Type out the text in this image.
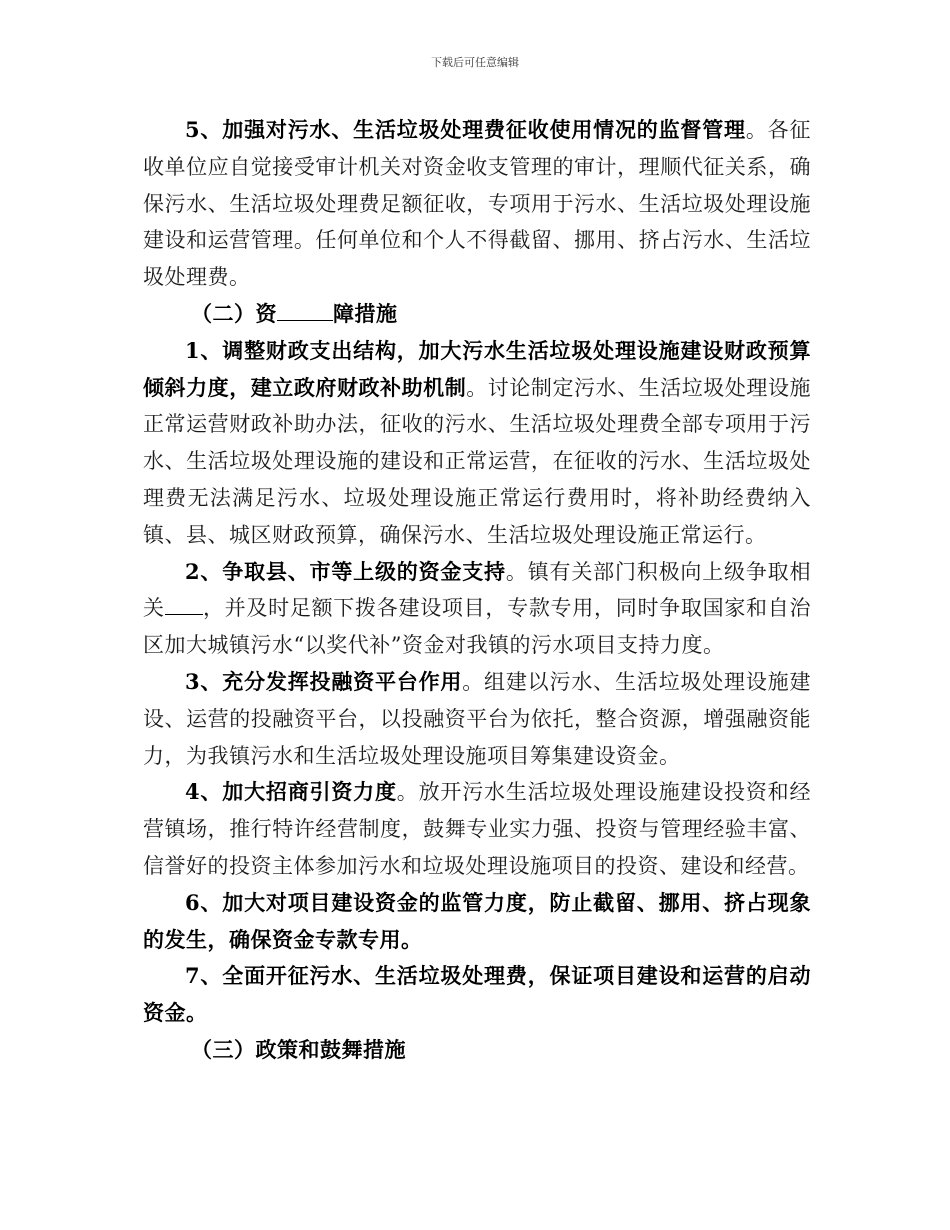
下载后可任意编辑

5、加强对污水、生活垃圾处理费征收使用情况的监督管理。各征收单位应自觉接受审计机关对资金收支管理的审计，理顺代征关系，确保污水、生活垃圾处理费足额征收，专项用于污水、生活垃圾处理设施建设和运营管理。任何单位和个人不得截留、挪用、挤占污水、生活垃圾处理费。

（二）资	障措施

1、调整财政支出结构，加大污水生活垃圾处理设施建设财政预算倾斜力度，建立政府财政补助机制。讨论制定污水、生活垃圾处理设施正常运营财政补助办法，征收的污水、生活垃圾处理费全部专项用于污水、生活垃圾处理设施的建设和正常运营，在征收的污水、生活垃圾处理费无法满足污水、垃圾处理设施正常运行费用时，将补助经费纳入镇、县、城区财政预算，确保污水、生活垃圾处理设施正常运行。

2、争取县、市等上级的资金支持。镇有关部门积极向上级争取相关 ，并及时足额下拨各建设项目，专款专用，同时争取国家和自治区加大城镇污水“以奖代补”资金对我镇的污水项目支持力度。

3、充分发挥投融资平台作用。组建以污水、生活垃圾处理设施建设、运营的投融资平台，以投融资平台为依托，整合资源，增强融资能力，为我镇污水和生活垃圾处理设施项目筹集建设资金。

4、加大招商引资力度。放开污水生活垃圾处理设施建设投资和经营镇场，推行特许经营制度，鼓舞专业实力强、投资与管理经验丰富、信誉好的投资主体参加污水和垃圾处理设施项目的投资、建设和经营。

6、加大对项目建设资金的监管力度，防止截留、挪用、挤占现象的发生，确保资金专款专用。

7、全面开征污水、生活垃圾处理费，保证项目建设和运营的启动资金。

（三）政策和鼓舞措施
